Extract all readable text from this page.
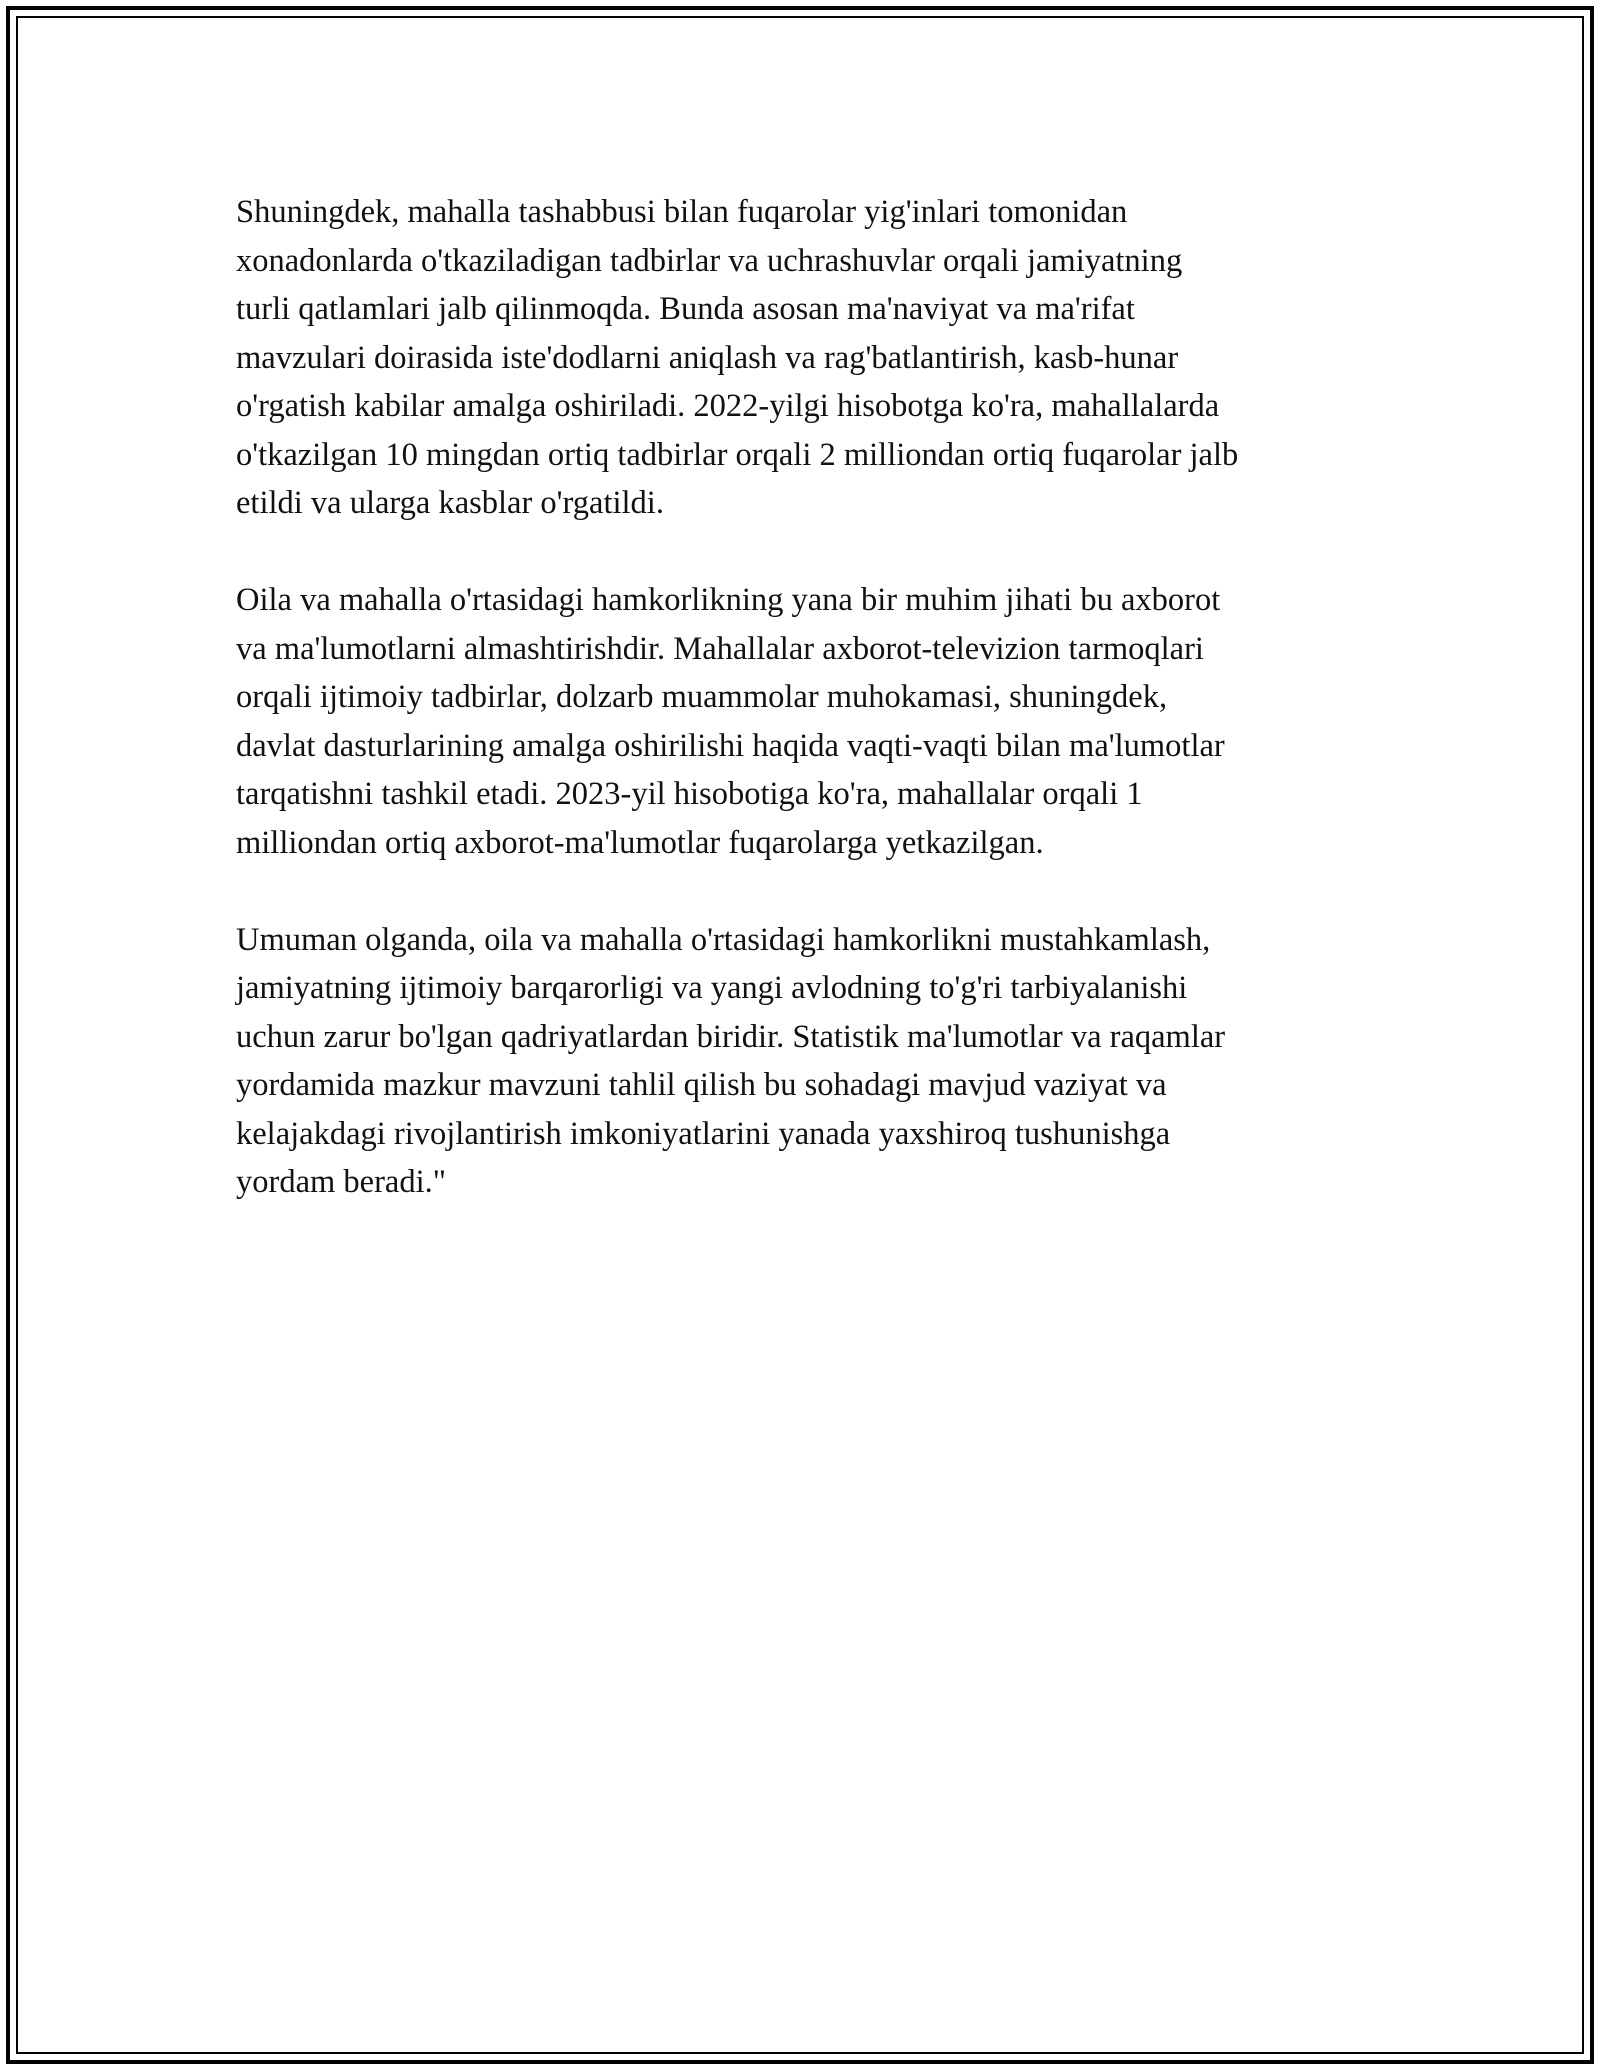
Shuningdek, mahalla tashabbusi bilan fuqarolar yig'inlari tomonidan
xonadonlarda o'tkaziladigan tadbirlar va uchrashuvlar orqali jamiyatning
turli qatlamlari jalb qilinmoqda. Bunda asosan ma'naviyat va ma'rifat
mavzulari doirasida iste'dodlarni aniqlash va rag'batlantirish, kasb-hunar
o'rgatish kabilar amalga oshiriladi. 2022-yilgi hisobotga ko'ra, mahallalarda
o'tkazilgan 10 mingdan ortiq tadbirlar orqali 2 milliondan ortiq fuqarolar jalb
etildi va ularga kasblar o'rgatildi.

Oila va mahalla o'rtasidagi hamkorlikning yana bir muhim jihati bu axborot
va ma'lumotlarni almashtirishdir. Mahallalar axborot-televizion tarmoqlari
orqali ijtimoiy tadbirlar, dolzarb muammolar muhokamasi, shuningdek,
davlat dasturlarining amalga oshirilishi haqida vaqti-vaqti bilan ma'lumotlar
tarqatishni tashkil etadi. 2023-yil hisobotiga ko'ra, mahallalar orqali 1
milliondan ortiq axborot-ma'lumotlar fuqarolarga yetkazilgan.

Umuman olganda, oila va mahalla o'rtasidagi hamkorlikni mustahkamlash,
jamiyatning ijtimoiy barqarorligi va yangi avlodning to'g'ri tarbiyalanishi
uchun zarur bo'lgan qadriyatlardan biridir. Statistik ma'lumotlar va raqamlar
yordamida mazkur mavzuni tahlil qilish bu sohadagi mavjud vaziyat va
kelajakdagi rivojlantirish imkoniyatlarini yanada yaxshiroq tushunishga
yordam beradi."
